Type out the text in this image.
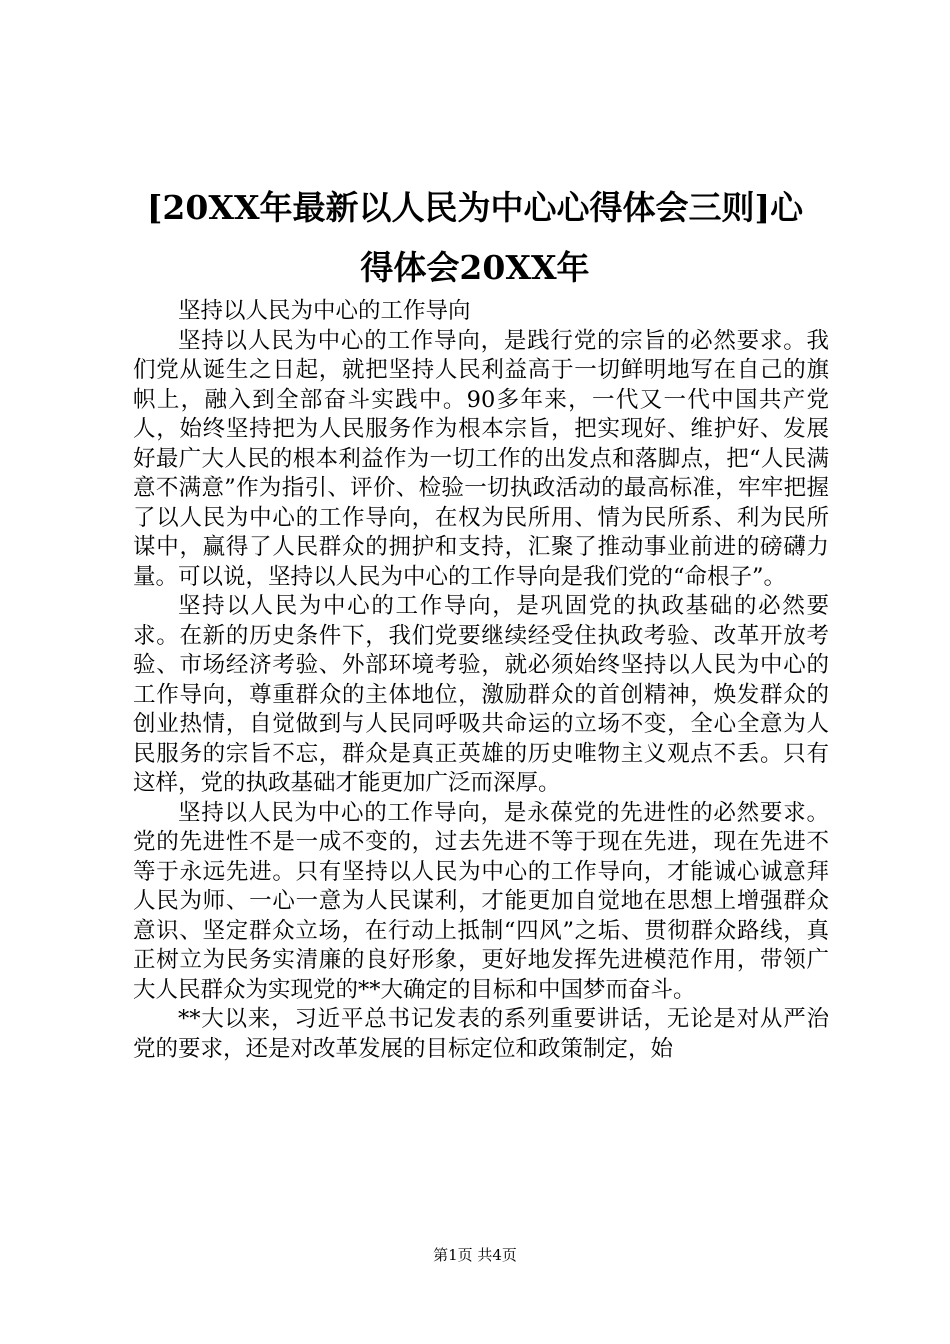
[20XX年最新以人民为中心心得体会三则]心
得体会20XX年

坚持以人民为中心的工作导向

坚持以人民为中心的工作导向，是践行党的宗旨的必然要求。我们党从诞生之日起，就把坚持人民利益高于一切鲜明地写在自己的旗帜上，融入到全部奋斗实践中。90多年来，一代又一代中国共产党人，始终坚持把为人民服务作为根本宗旨，把实现好、维护好、发展好最广大人民的根本利益作为一切工作的出发点和落脚点，把“人民满意不满意”作为指引、评价、检验一切执政活动的最高标准，牢牢把握了以人民为中心的工作导向，在权为民所用、情为民所系、利为民所谋中，赢得了人民群众的拥护和支持，汇聚了推动事业前进的磅礴力量。可以说，坚持以人民为中心的工作导向是我们党的“命根子”。

坚持以人民为中心的工作导向，是巩固党的执政基础的必然要求。在新的历史条件下，我们党要继续经受住执政考验、改革开放考验、市场经济考验、外部环境考验，就必须始终坚持以人民为中心的工作导向，尊重群众的主体地位，激励群众的首创精神，焕发群众的创业热情，自觉做到与人民同呼吸共命运的立场不变，全心全意为人民服务的宗旨不忘，群众是真正英雄的历史唯物主义观点不丢。只有这样，党的执政基础才能更加广泛而深厚。

坚持以人民为中心的工作导向，是永葆党的先进性的必然要求。党的先进性不是一成不变的，过去先进不等于现在先进，现在先进不等于永远先进。只有坚持以人民为中心的工作导向，才能诚心诚意拜人民为师、一心一意为人民谋利，才能更加自觉地在思想上增强群众意识、坚定群众立场，在行动上抵制“四风”之垢、贯彻群众路线，真正树立为民务实清廉的良好形象，更好地发挥先进模范作用，带领广大人民群众为实现党的**大确定的目标和中国梦而奋斗。

**大以来，习近平总书记发表的系列重要讲话，无论是对从严治党的要求，还是对改革发展的目标定位和政策制定，始

第1页 共4页
